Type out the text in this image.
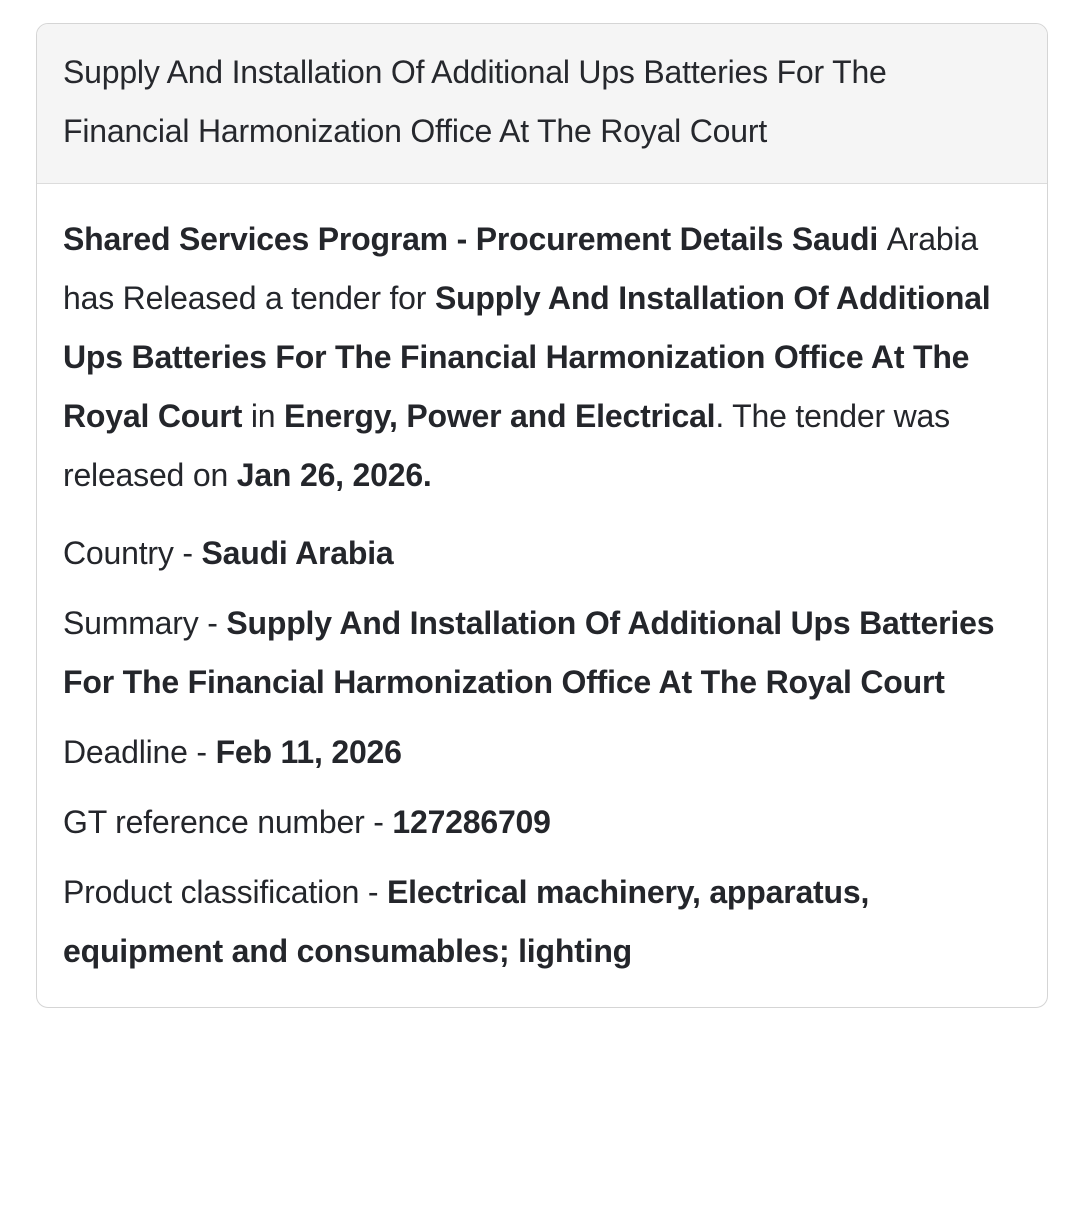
Supply And Installation Of Additional Ups Batteries For The Financial Harmonization Office At The Royal Court

Shared Services Program - Procurement Details Saudi Arabia has Released a tender for Supply And Installation Of Additional Ups Batteries For The Financial Harmonization Office At The Royal Court in Energy, Power and Electrical. The tender was released on Jan 26, 2026.

Country - Saudi Arabia
Summary - Supply And Installation Of Additional Ups Batteries For The Financial Harmonization Office At The Royal Court
Deadline - Feb 11, 2026
GT reference number - 127286709
Product classification - Electrical machinery, apparatus, equipment and consumables; lighting
